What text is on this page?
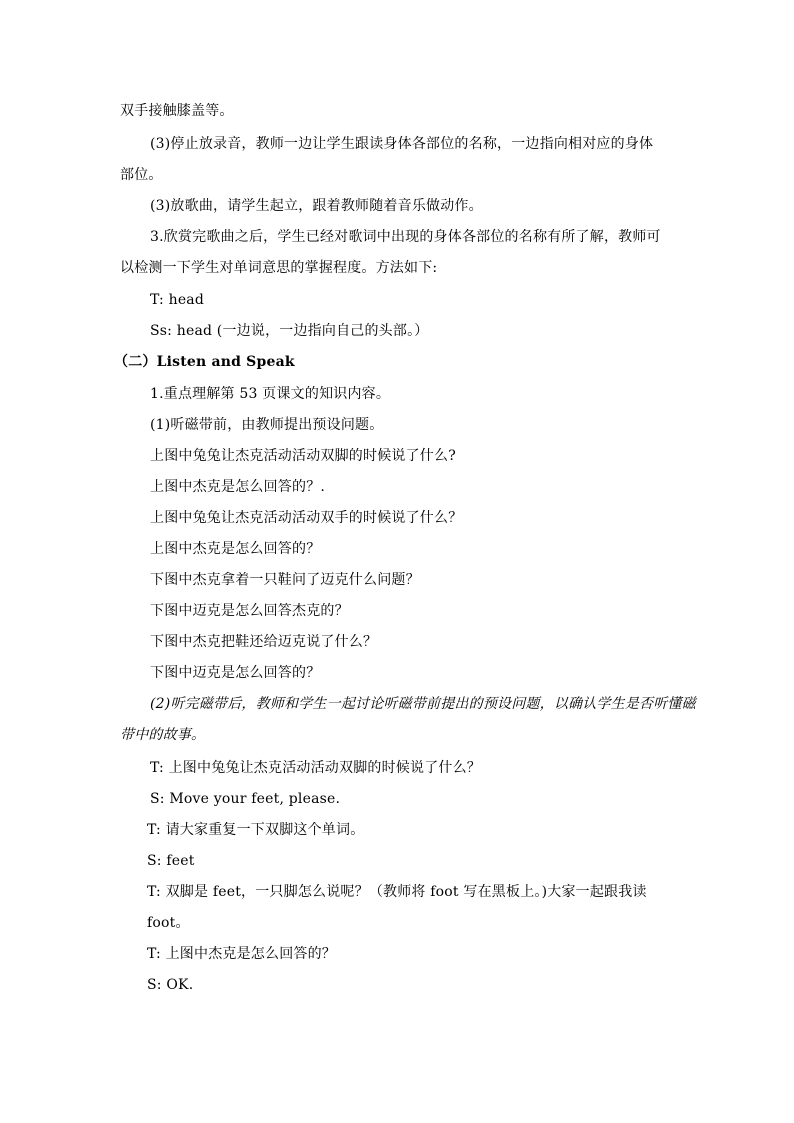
双手接触膝盖等。
(3)停止放录音，教师一边让学生跟读身体各部位的名称，一边指向相对应的身体
部位。
(3)放歌曲，请学生起立，跟着教师随着音乐做动作。
3.欣赏完歌曲之后，学生已经对歌词中出现的身体各部位的名称有所了解，教师可
以检测一下学生对单词意思的掌握程度。方法如下:
T: head
Ss: head (一边说，一边指向自己的头部。）
（二）Listen and Speak
1.重点理解第 53 页课文的知识内容。
(1)听磁带前，由教师提出预设问题。
上图中兔兔让杰克活动活动双脚的时候说了什么?
上图中杰克是怎么回答的？.
上图中兔兔让杰克活动活动双手的时候说了什么？
上图中杰克是怎么回答的？
下图中杰克拿着一只鞋问了迈克什么问题？
下图中迈克是怎么回答杰克的？
下图中杰克把鞋还给迈克说了什么？
下图中迈克是怎么回答的？
(2)听完磁带后，教师和学生一起讨论听磁带前提出的预设问题，以确认学生是否听懂磁
带中的故事。
T: 上图中兔兔让杰克活动活动双脚的时候说了什么？
S: Move your feet, please.
T: 请大家重复一下双脚这个单词。
S: feet
T: 双脚是 feet，一只脚怎么说呢？（教师将 foot 写在黑板上。)大家一起跟我读
foot。
T: 上图中杰克是怎么回答的？
S: OK.
